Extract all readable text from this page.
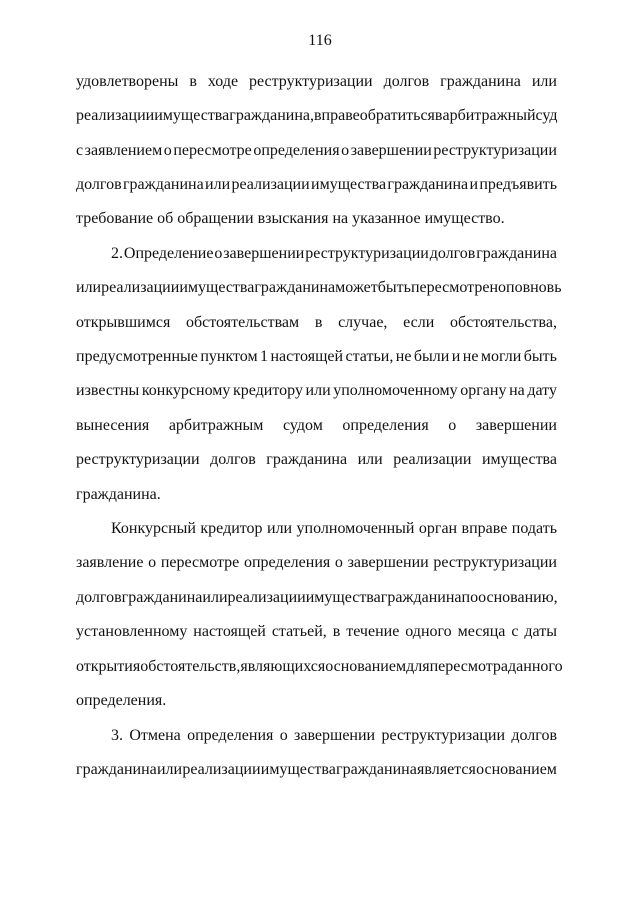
116
удовлетворены в ходе реструктуризации долгов гражданина или
реализации имущества гражданина, вправе обратиться в арбитражный суд
с заявлением о пересмотре определения о завершении реструктуризации
долгов гражданина или реализации имущества гражданина и предъявить
требование об обращении взыскания на указанное имущество.
2. Определение о завершении реструктуризации долгов гражданина
или реализации имущества гражданина может быть пересмотрено по вновь
открывшимся обстоятельствам в случае, если обстоятельства,
предусмотренные пунктом 1 настоящей статьи, не были и не могли быть
известны конкурсному кредитору или уполномоченному органу на дату
вынесения арбитражным судом определения о завершении
реструктуризации долгов гражданина или реализации имущества
гражданина.
Конкурсный кредитор или уполномоченный орган вправе подать
заявление о пересмотре определения о завершении реструктуризации
долгов гражданина или реализации имущества гражданина по основанию,
установленному настоящей статьей, в течение одного месяца с даты
открытия обстоятельств, являющихся основанием для пересмотра данного
определения.
3. Отмена определения о завершении реструктуризации долгов
гражданина или реализации имущества гражданина является основанием
